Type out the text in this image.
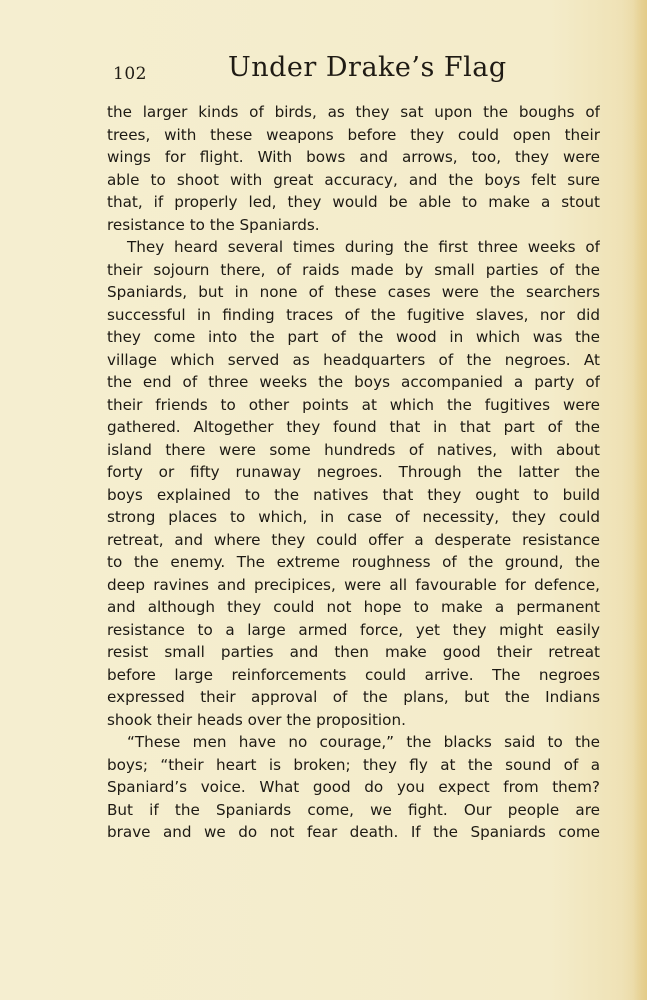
102	Under Drake’s Flag
the larger kinds of birds, as they sat upon the boughs of
trees, with these weapons before they could open their
wings for flight. With bows and arrows, too, they were
able to shoot with great accuracy, and the boys felt sure
that, if properly led, they would be able to make a stout
resistance to the Spaniards.
They heard several times during the first three weeks of
their sojourn there, of raids made by small parties of the
Spaniards, but in none of these cases were the searchers
successful in finding traces of the fugitive slaves, nor did
they come into the part of the wood in which was the
village which served as headquarters of the negroes. At
the end of three weeks the boys accompanied a party of
their friends to other points at which the fugitives were
gathered. Altogether they found that in that part of the
island there were some hundreds of natives, with about
forty or fifty runaway negroes. Through the latter the
boys explained to the natives that they ought to build
strong places to which, in case of necessity, they could
retreat, and where they could offer a desperate resistance
to the enemy. The extreme roughness of the ground, the
deep ravines and precipices, were all favourable for defence,
and although they could not hope to make a permanent
resistance to a large armed force, yet they might easily
resist small parties and then make good their retreat
before large reinforcements could arrive. The negroes
expressed their approval of the plans, but the Indians
shook their heads over the proposition.
“These men have no courage,” the blacks said to the
boys; “their heart is broken; they fly at the sound of a
Spaniard’s voice. What good do you expect from them?
But if the Spaniards come, we fight. Our people are
brave and we do not fear death. If the Spaniards come
